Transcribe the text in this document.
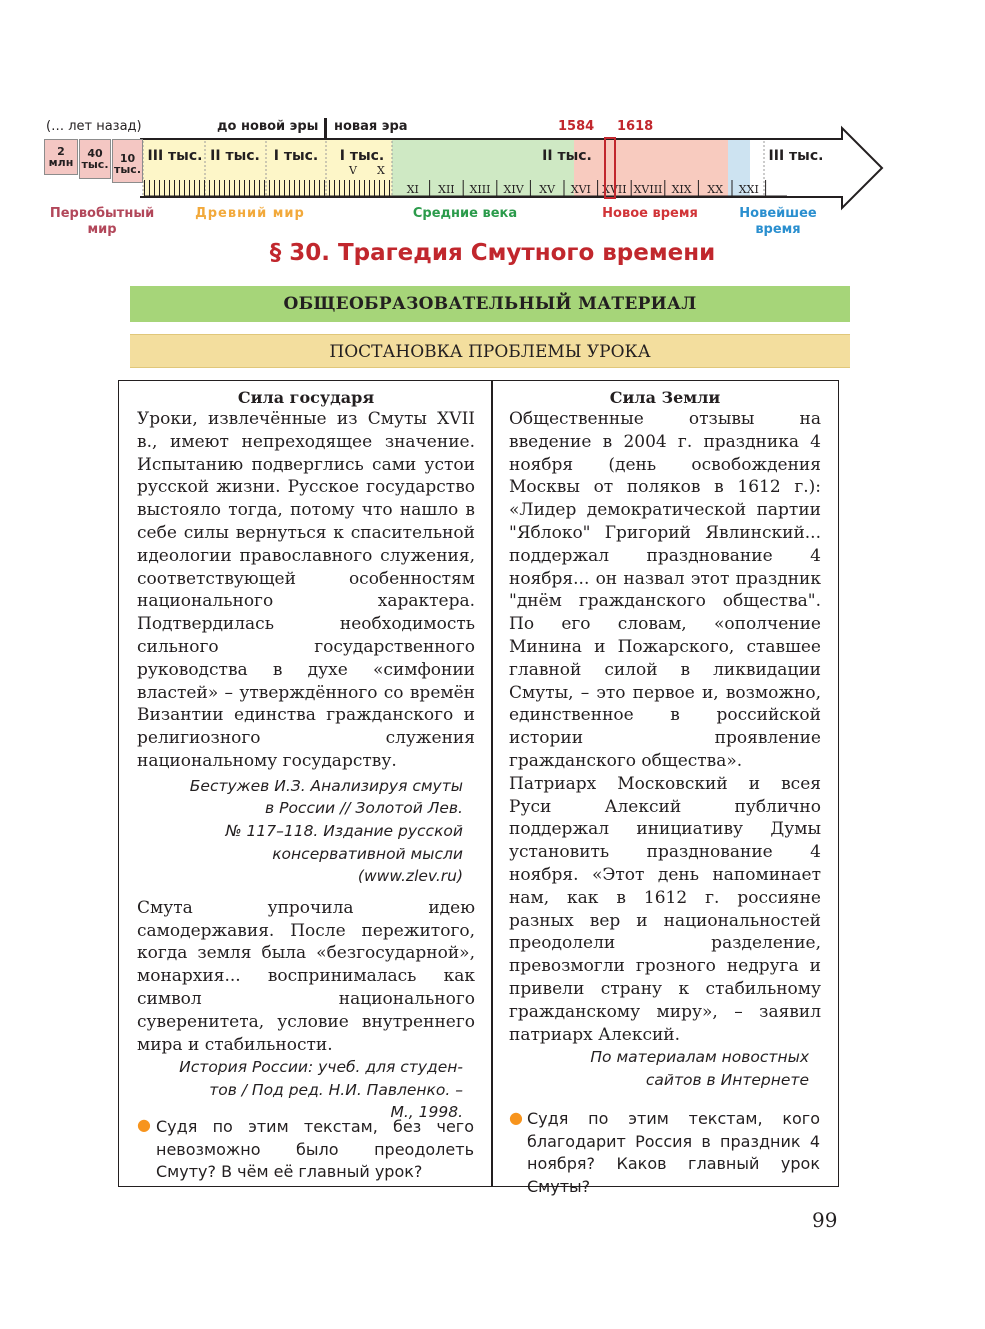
(… лет назад)	до новой эры новая эра	1584 1618
2
млн
40
тыс.	10
тыс.
III тыс. II тыс. I тыс.	I тыс.	II тыс.	III тыс.
V X
XI XII XIII XIV XV XVI XVII XVIII XIX XX XXI
Первобытный мир
Древний мир	Средние века	Новое время	Новейшее время
§ 30. Трагедия Смутного времени
ОБЩЕОБРАЗОВАТЕЛЬНЫЙ МАТЕРИАЛ
ПОСТАНОВКА ПРОБЛЕМЫ УРОКА
Сила государя
Уроки, извлечённые из Смуты XVII в., имеют непреходящее значение. Испытанию подверглись сами устои русской жизни. Русское государство выстояло тогда, потому что нашло в себе силы вернуться к спасительной идеологии православного служения, соответствующей особенностям национального характера. Подтвердилась необходимость сильного государственного руководства в духе «симфонии властей» – утверждённого со времён Византии единства гражданского и религиозного служения национальному государству.
Бестужев И.З. Анализируя смуты
в России // Золотой Лев.
№ 117–118. Издание русской
консервативной мысли
(www.zlev.ru)
Смута упрочила идею самодержавия. После пережитого, когда земля была «безгосударной», монархия... воспринималась как символ национального суверенитета, условие внутреннего мира и стабильности.
История России: учеб. для студен-
тов / Под ред. Н.И. Павленко. –
М., 1998.
● Судя по этим текстам, без чего невозможно было преодолеть Смуту? В чём её главный урок?
Сила Земли
Общественные отзывы на введение в 2004 г. праздника 4 ноября (день освобождения Москвы от поляков в 1612 г.): «Лидер демократической партии "Яблоко" Григорий Явлинский... поддержал празднование 4 ноября... он назвал этот праздник "днём гражданского общества". По его словам, «ополчение Минина и Пожарского, ставшее главной силой в ликвидации Смуты, – это первое и, возможно, единственное в российской истории проявление гражданского общества».
Патриарх Московский и всея Руси Алексий публично поддержал инициативу Думы установить празднование 4 ноября. «Этот день напоминает нам, как в 1612 г. россияне разных вер и национальностей преодолели разделение, превозмогли грозного недруга и привели страну к стабильному гражданскому миру», – заявил патриарх Алексий.
По материалам новостных
сайтов в Интернете
● Судя по этим текстам, кого благодарит Россия в праздник 4 ноября? Каков главный урок Смуты?
99
